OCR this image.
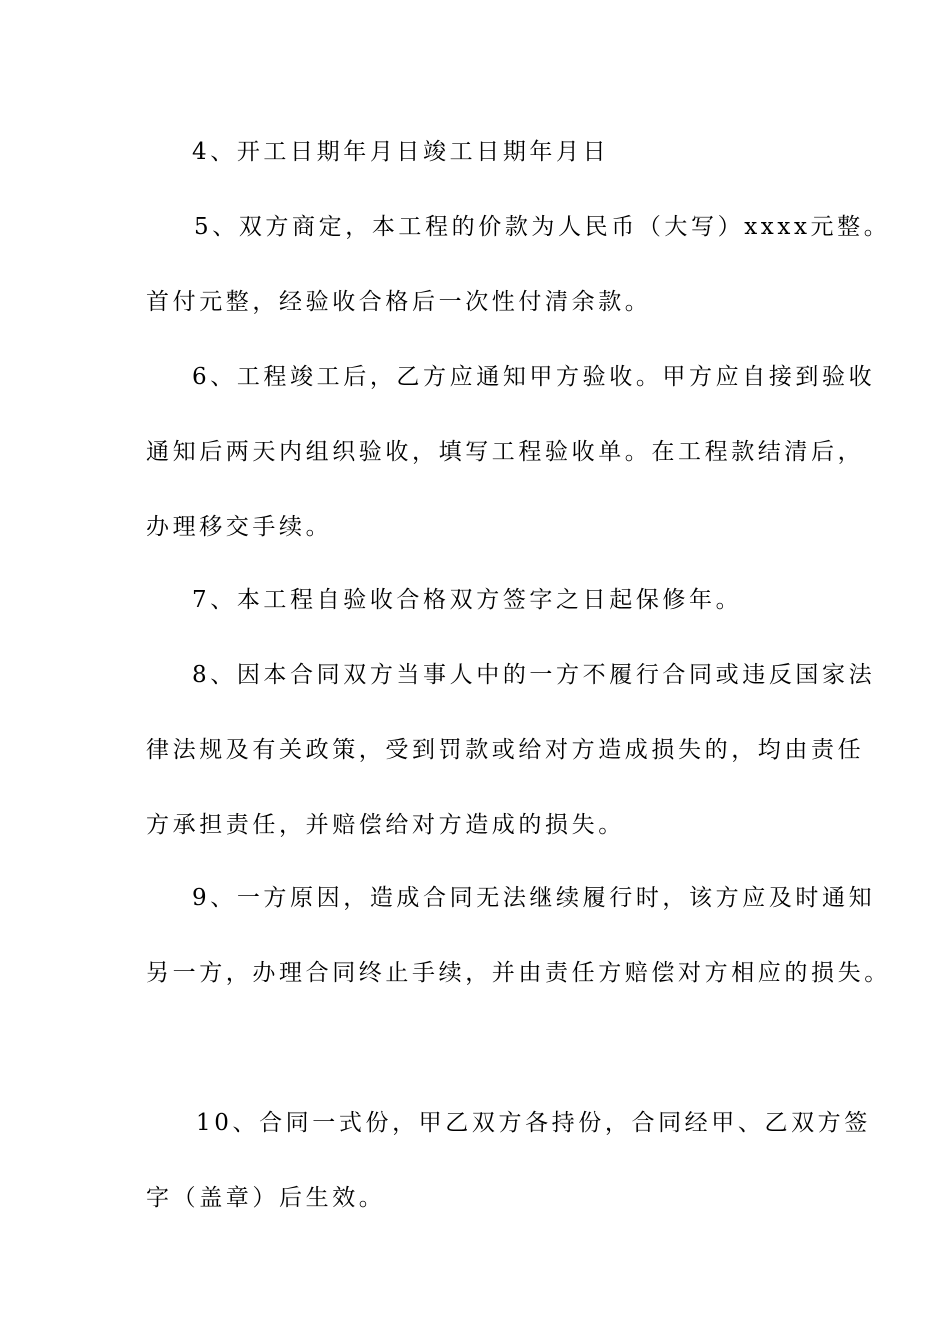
4、开工日期年月日竣工日期年月日
5、双方商定，本工程的价款为人民币（大写）xxxx元整。
首付元整，经验收合格后一次性付清余款。
6、工程竣工后，乙方应通知甲方验收。甲方应自接到验收
通知后两天内组织验收，填写工程验收单。在工程款结清后，
办理移交手续。
7、本工程自验收合格双方签字之日起保修年。
8、因本合同双方当事人中的一方不履行合同或违反国家法
律法规及有关政策，受到罚款或给对方造成损失的，均由责任
方承担责任，并赔偿给对方造成的损失。
9、一方原因，造成合同无法继续履行时，该方应及时通知
另一方，办理合同终止手续，并由责任方赔偿对方相应的损失。
10、合同一式份，甲乙双方各持份，合同经甲、乙双方签
字（盖章）后生效。
